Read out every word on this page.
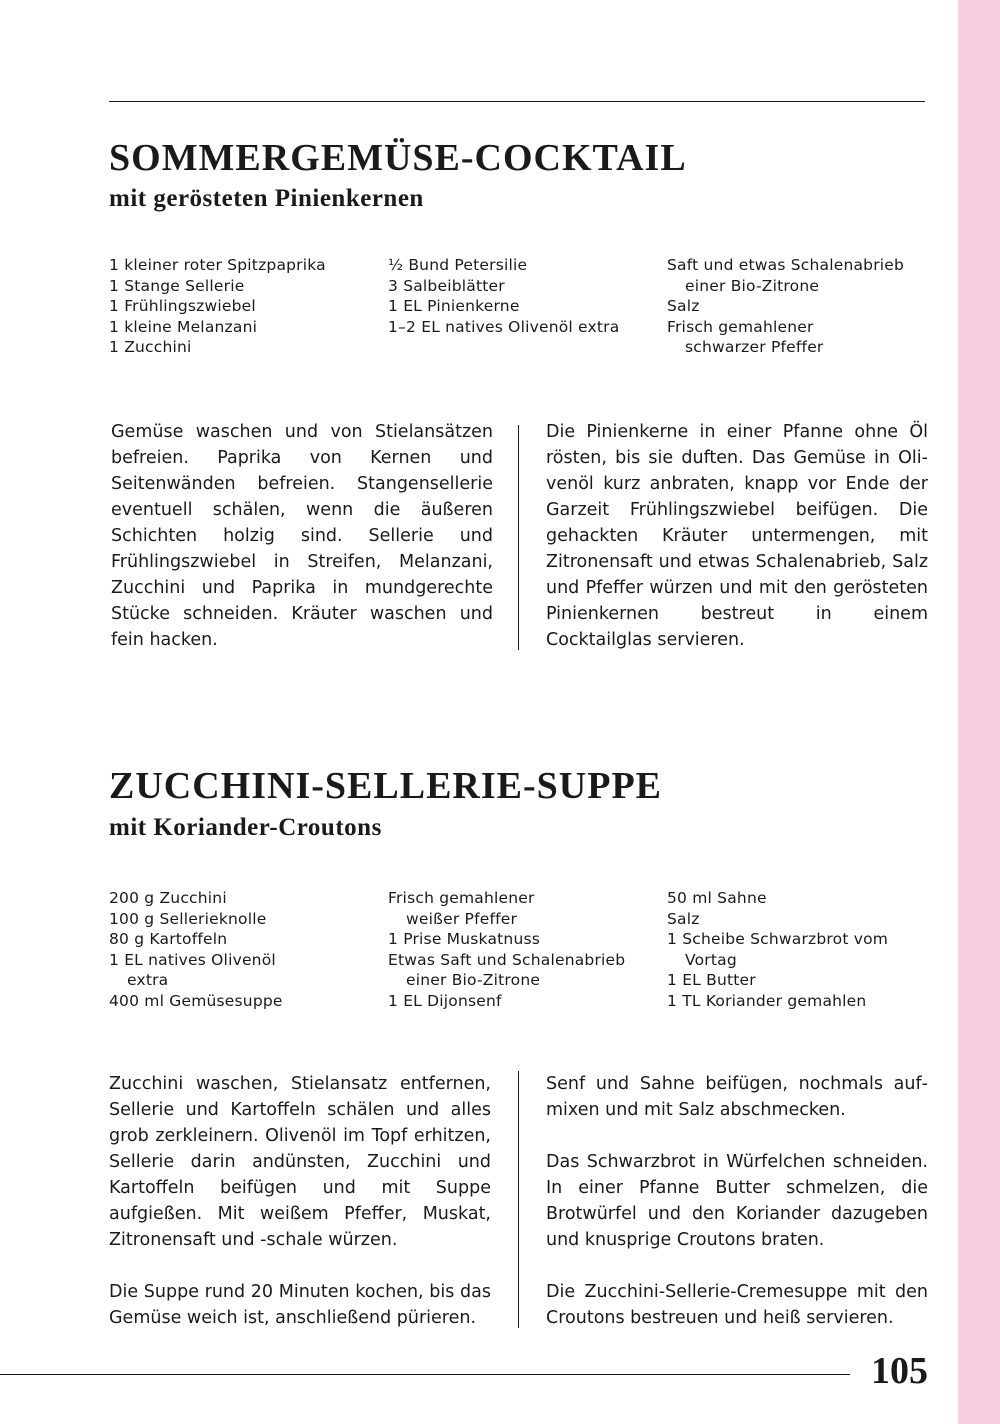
SOMMERGEMÜSE-COCKTAIL
mit gerösteten Pinienkernen
1 kleiner roter Spitzpaprika
1 Stange Sellerie
1 Frühlingszwiebel
1 kleine Melanzani
1 Zucchini
½ Bund Petersilie
3 Salbeiblätter
1 EL Pinienkerne
1–2 EL natives Olivenöl extra
Saft und etwas Schalenabrieb einer Bio-Zitrone
Salz
Frisch gemahlener schwarzer Pfeffer

Gemüse waschen und von Stielansätzen befreien. Paprika von Kernen und Seitenwänden befreien. Stangensellerie eventuell schälen, wenn die äußeren Schichten holzig sind. Sellerie und Frühlingszwiebel in Streifen, Melanzani, Zucchini und Paprika in mundgerechte Stücke schneiden. Kräuter waschen und fein hacken.

Die Pinienkerne in einer Pfanne ohne Öl rösten, bis sie duften. Das Gemüse in Olivenöl kurz anbraten, knapp vor Ende der Garzeit Frühlingszwiebel beifügen. Die gehackten Kräuter untermengen, mit Zitronensaft und etwas Schalenabrieb, Salz und Pfeffer würzen und mit den gerösteten Pinienkernen bestreut in einem Cocktailglas servieren.

ZUCCHINI-SELLERIE-SUPPE
mit Koriander-Croutons
200 g Zucchini
100 g Sellerieknolle
80 g Kartoffeln
1 EL natives Olivenöl extra
400 ml Gemüsesuppe
Frisch gemahlener weißer Pfeffer
1 Prise Muskatnuss
Etwas Saft und Schalenabrieb einer Bio-Zitrone
1 EL Dijonsenf
50 ml Sahne
Salz
1 Scheibe Schwarzbrot vom Vortag
1 EL Butter
1 TL Koriander gemahlen

Zucchini waschen, Stielansatz entfernen, Sellerie und Kartoffeln schälen und alles grob zerkleinern. Olivenöl im Topf erhitzen, Sellerie darin andünsten, Zucchini und Kartoffeln beifügen und mit Suppe aufgießen. Mit weißem Pfeffer, Muskat, Zitronensaft und -schale würzen.

Die Suppe rund 20 Minuten kochen, bis das Gemüse weich ist, anschließend pürieren.

Senf und Sahne beifügen, nochmals aufmixen und mit Salz abschmecken.

Das Schwarzbrot in Würfelchen schneiden. In einer Pfanne Butter schmelzen, die Brotwürfel und den Koriander dazugeben und knusprige Croutons braten.

Die Zucchini-Sellerie-Cremesuppe mit den Croutons bestreuen und heiß servieren.

105
